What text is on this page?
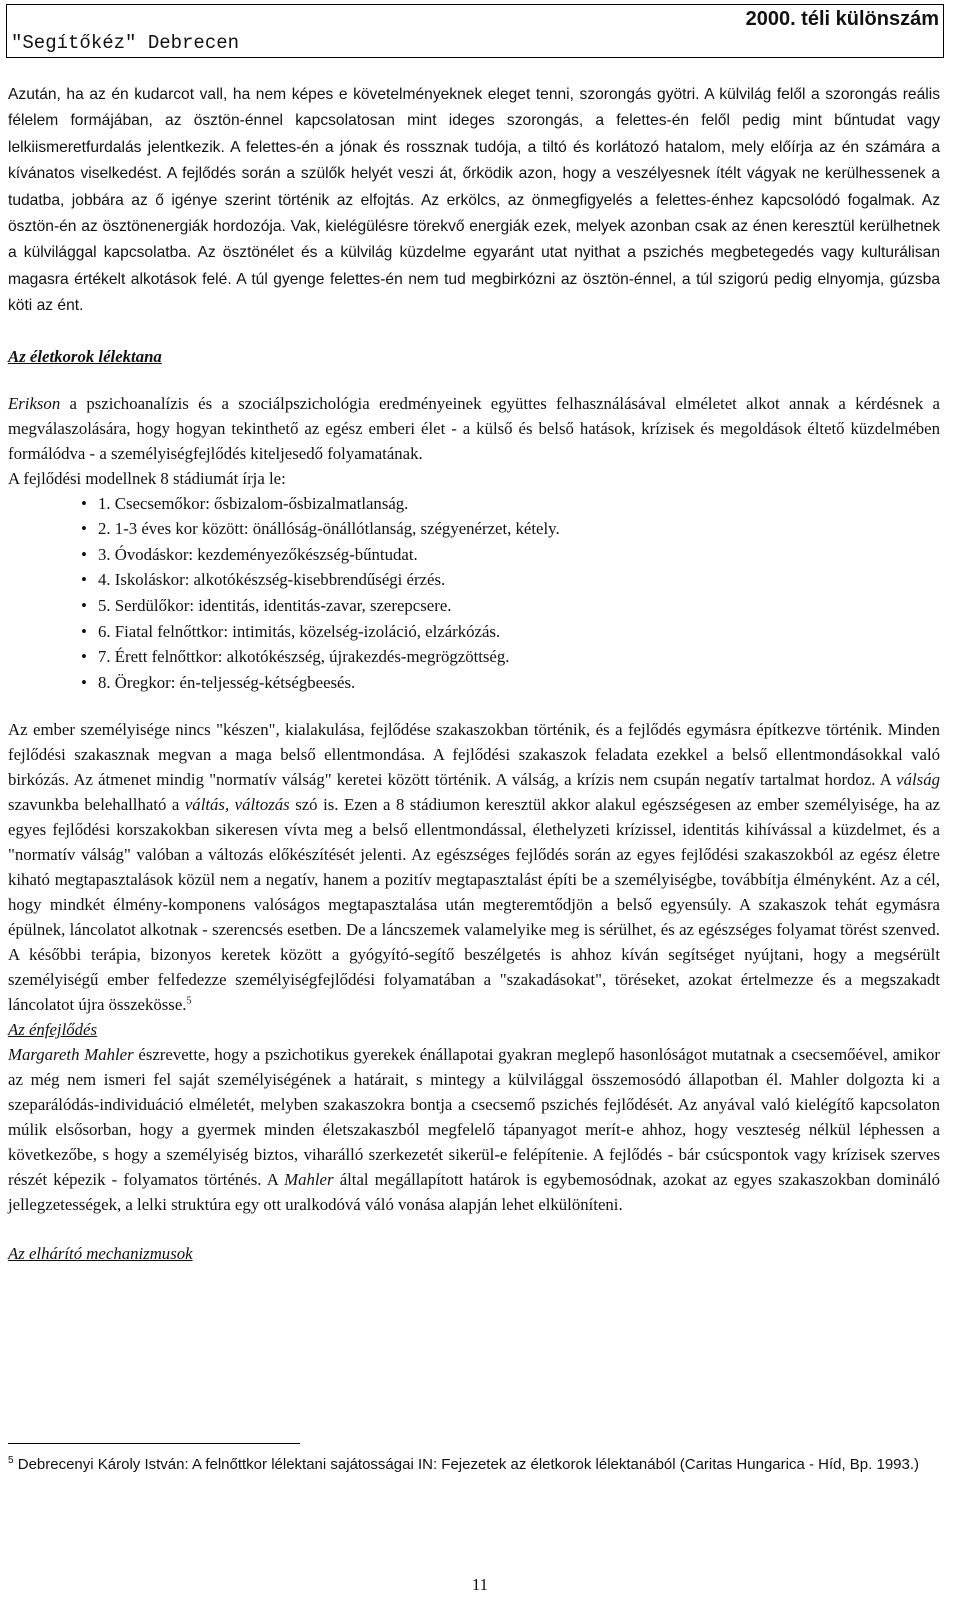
"Segítőkéz" Debrecen
2000. téli különszám

Azután, ha az én kudarcot vall, ha nem képes e követelményeknek eleget tenni, szorongás gyötri. A külvilág felől a szorongás reális félelem formájában, az ösztön-énnel kapcsolatosan mint ideges szorongás, a felettes-én felől pedig mint bűntudat vagy lelkiismeretfurdalás jelentkezik. A felettes-én a jónak és rossznak tudója, a tiltó és korlátozó hatalom, mely előírja az én számára a kívánatos viselkedést. A fejlődés során a szülők helyét veszi át, őrködik azon, hogy a veszélyesnek ítélt vágyak ne kerülhessenek a tudatba, jobbára az ő igénye szerint történik az elfojtás. Az erkölcs, az önmegfigyelés a felettes-énhez kapcsolódó fogalmak. Az ösztön-én az ösztönenergiák hordozója. Vak, kielégülésre törekvő energiák ezek, melyek azonban csak az énen keresztül kerülhetnek a külvilággal kapcsolatba. Az ösztönélet és a külvilág küzdelme egyaránt utat nyithat a pszichés megbetegedés vagy kulturálisan magasra értékelt alkotások felé. A túl gyenge felettes-én nem tud megbirkózni az ösztön-énnel, a túl szigorú pedig elnyomja, gúzsba köti az ént.

Az életkorok lélektana

Erikson a pszichoanalízis és a szociálpszichológia eredményeinek együttes felhasználásával elméletet alkot annak a kérdésnek a megválaszolására, hogy hogyan tekinthető az egész emberi élet - a külső és belső hatások, krízisek és megoldások éltető küzdelmében formálódva - a személyiségfejlődés kiteljesedő folyamatának.

A fejlődési modellnek 8 stádiumát írja le:

• 1. Csecsemőkor: ősbizalom-ősbizalmatlanság.
• 2. 1-3 éves kor között: önállóság-önállótlanság, szégyenérzet, kétely.
• 3. Óvodáskor: kezdeményezőkészség-bűntudat.
• 4. Iskoláskor: alkotókészség-kisebbrendűségi érzés.
• 5. Serdülőkor: identitás, identitás-zavar, szerepcsere.
• 6. Fiatal felnőttkor: intimitás, közelség-izoláció, elzárkózás.
• 7. Érett felnőttkor: alkotókészség, újrakezdés-megrögzöttség.
• 8. Öregkor: én-teljesség-kétségbeesés.

Az ember személyisége nincs "készen", kialakulása, fejlődése szakaszokban történik, és a fejlődés egymásra építkezve történik. Minden fejlődési szakasznak megvan a maga belső ellentmondása. A fejlődési szakaszok feladata ezekkel a belső ellentmondásokkal való birkózás. Az átmenet mindig "normatív válság" keretei között történik. A válság, a krízis nem csupán negatív tartalmat hordoz. A válság szavunkba belehallható a váltás, változás szó is. Ezen a 8 stádiumon keresztül akkor alakul egészségesen az ember személyisége, ha az egyes fejlődési korszakokban sikeresen vívta meg a belső ellentmondással, élethelyzeti krízissel, identitás kihívással a küzdelmet, és a "normatív válság" valóban a változás előkészítését jelenti. Az egészséges fejlődés során az egyes fejlődési szakaszokból az egész életre kiható megtapasztalások közül nem a negatív, hanem a pozitív megtapasztalást építi be a személyiségbe, továbbítja élményként. Az a cél, hogy mindkét élmény-komponens valóságos megtapasztalása után megteremtődjön a belső egyensúly. A szakaszok tehát egymásra épülnek, láncolatot alkotnak - szerencsés esetben. De a láncszemek valamelyike meg is sérülhet, és az egészséges folyamat törést szenved. A későbbi terápia, bizonyos keretek között a gyógyító-segítő beszélgetés is ahhoz kíván segítséget nyújtani, hogy a megsérült személyiségű ember felfedezze személyiségfejlődési folyamatában a "szakadásokat", töréseket, azokat értelmezze és a megszakadt láncolatot újra összekösse.$^5$

Az énfejlődés

Margareth Mahler észrevette, hogy a pszichotikus gyerekek énállapotai gyakran meglepő hasonlóságot mutatnak a csecsemőével, amikor az még nem ismeri fel saját személyiségének a határait, s mintegy a külvilággal összemosódó állapotban él. Mahler dolgozta ki a szeparálódás-individuáció elméletét, melyben szakaszokra bontja a csecsemő pszichés fejlődését. Az anyával való kielégítő kapcsolaton múlik elsősorban, hogy a gyermek minden életszakaszból megfelelő tápanyagot merít-e ahhoz, hogy veszteség nélkül léphessen a következőbe, s hogy a személyiség biztos, viharálló szerkezetét sikerül-e felépítenie. A fejlődés - bár csúcspontok vagy krízisek szerves részét képezik - folyamatos történés. A Mahler által megállapított határok is egybemosódnak, azokat az egyes szakaszokban domináló jellegzetességek, a lelki struktúra egy ott uralkodóvá váló vonása alapján lehet elkülöníteni.

Az elhárító mechanizmusok

$^5$ Debrecenyi Károly István: A felnőttkor lélektani sajátosságai IN: Fejezetek az életkorok lélektanából (Caritas Hungarica - Híd, Bp. 1993.)
11
